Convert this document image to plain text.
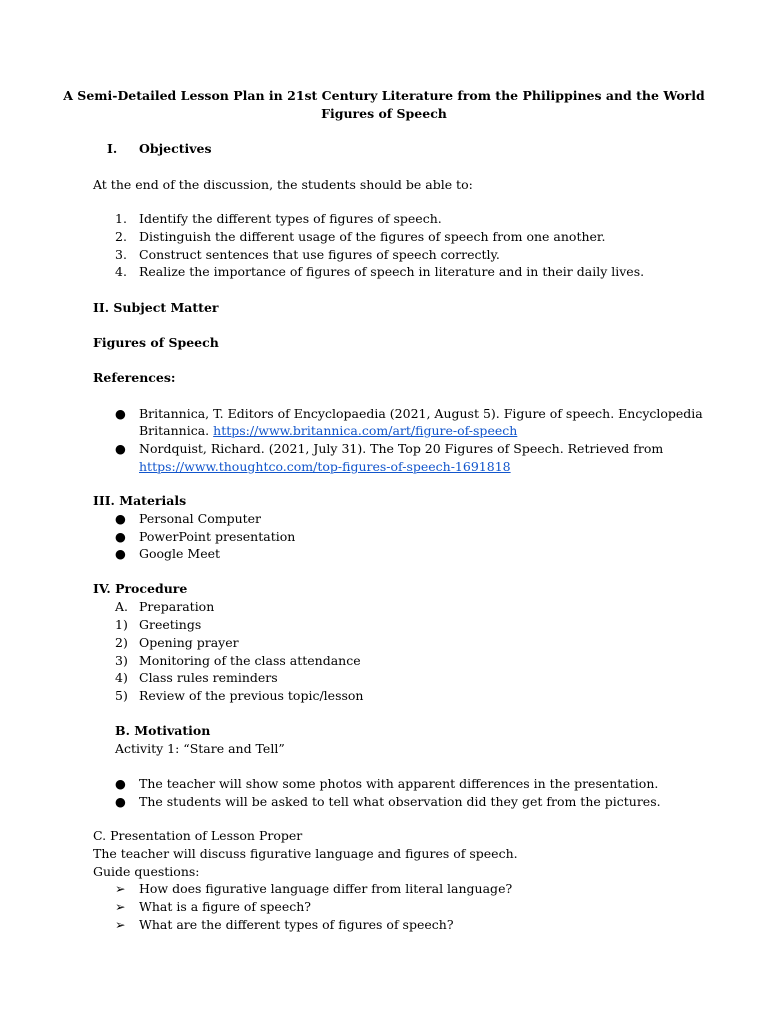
A Semi-Detailed Lesson Plan in 21st Century Literature from the Philippines and the World
Figures of Speech
I. Objectives
At the end of the discussion, the students should be able to:
1. Identify the different types of figures of speech.
2. Distinguish the different usage of the figures of speech from one another.
3. Construct sentences that use figures of speech correctly.
4. Realize the importance of figures of speech in literature and in their daily lives.
II. Subject Matter
Figures of Speech
References:
● Britannica, T. Editors of Encyclopaedia (2021, August 5). Figure of speech. Encyclopedia
Britannica. https://www.britannica.com/art/figure-of-speech
● Nordquist, Richard. (2021, July 31). The Top 20 Figures of Speech. Retrieved from
https://www.thoughtco.com/top-figures-of-speech-1691818
III. Materials
● Personal Computer
● PowerPoint presentation
● Google Meet
IV. Procedure
A. Preparation
1) Greetings
2) Opening prayer
3) Monitoring of the class attendance
4) Class rules reminders
5) Review of the previous topic/lesson
B. Motivation
Activity 1: “Stare and Tell”
● The teacher will show some photos with apparent differences in the presentation.
● The students will be asked to tell what observation did they get from the pictures.
C. Presentation of Lesson Proper
The teacher will discuss figurative language and figures of speech.
Guide questions:
➢ How does figurative language differ from literal language?
➢ What is a figure of speech?
➢ What are the different types of figures of speech?
